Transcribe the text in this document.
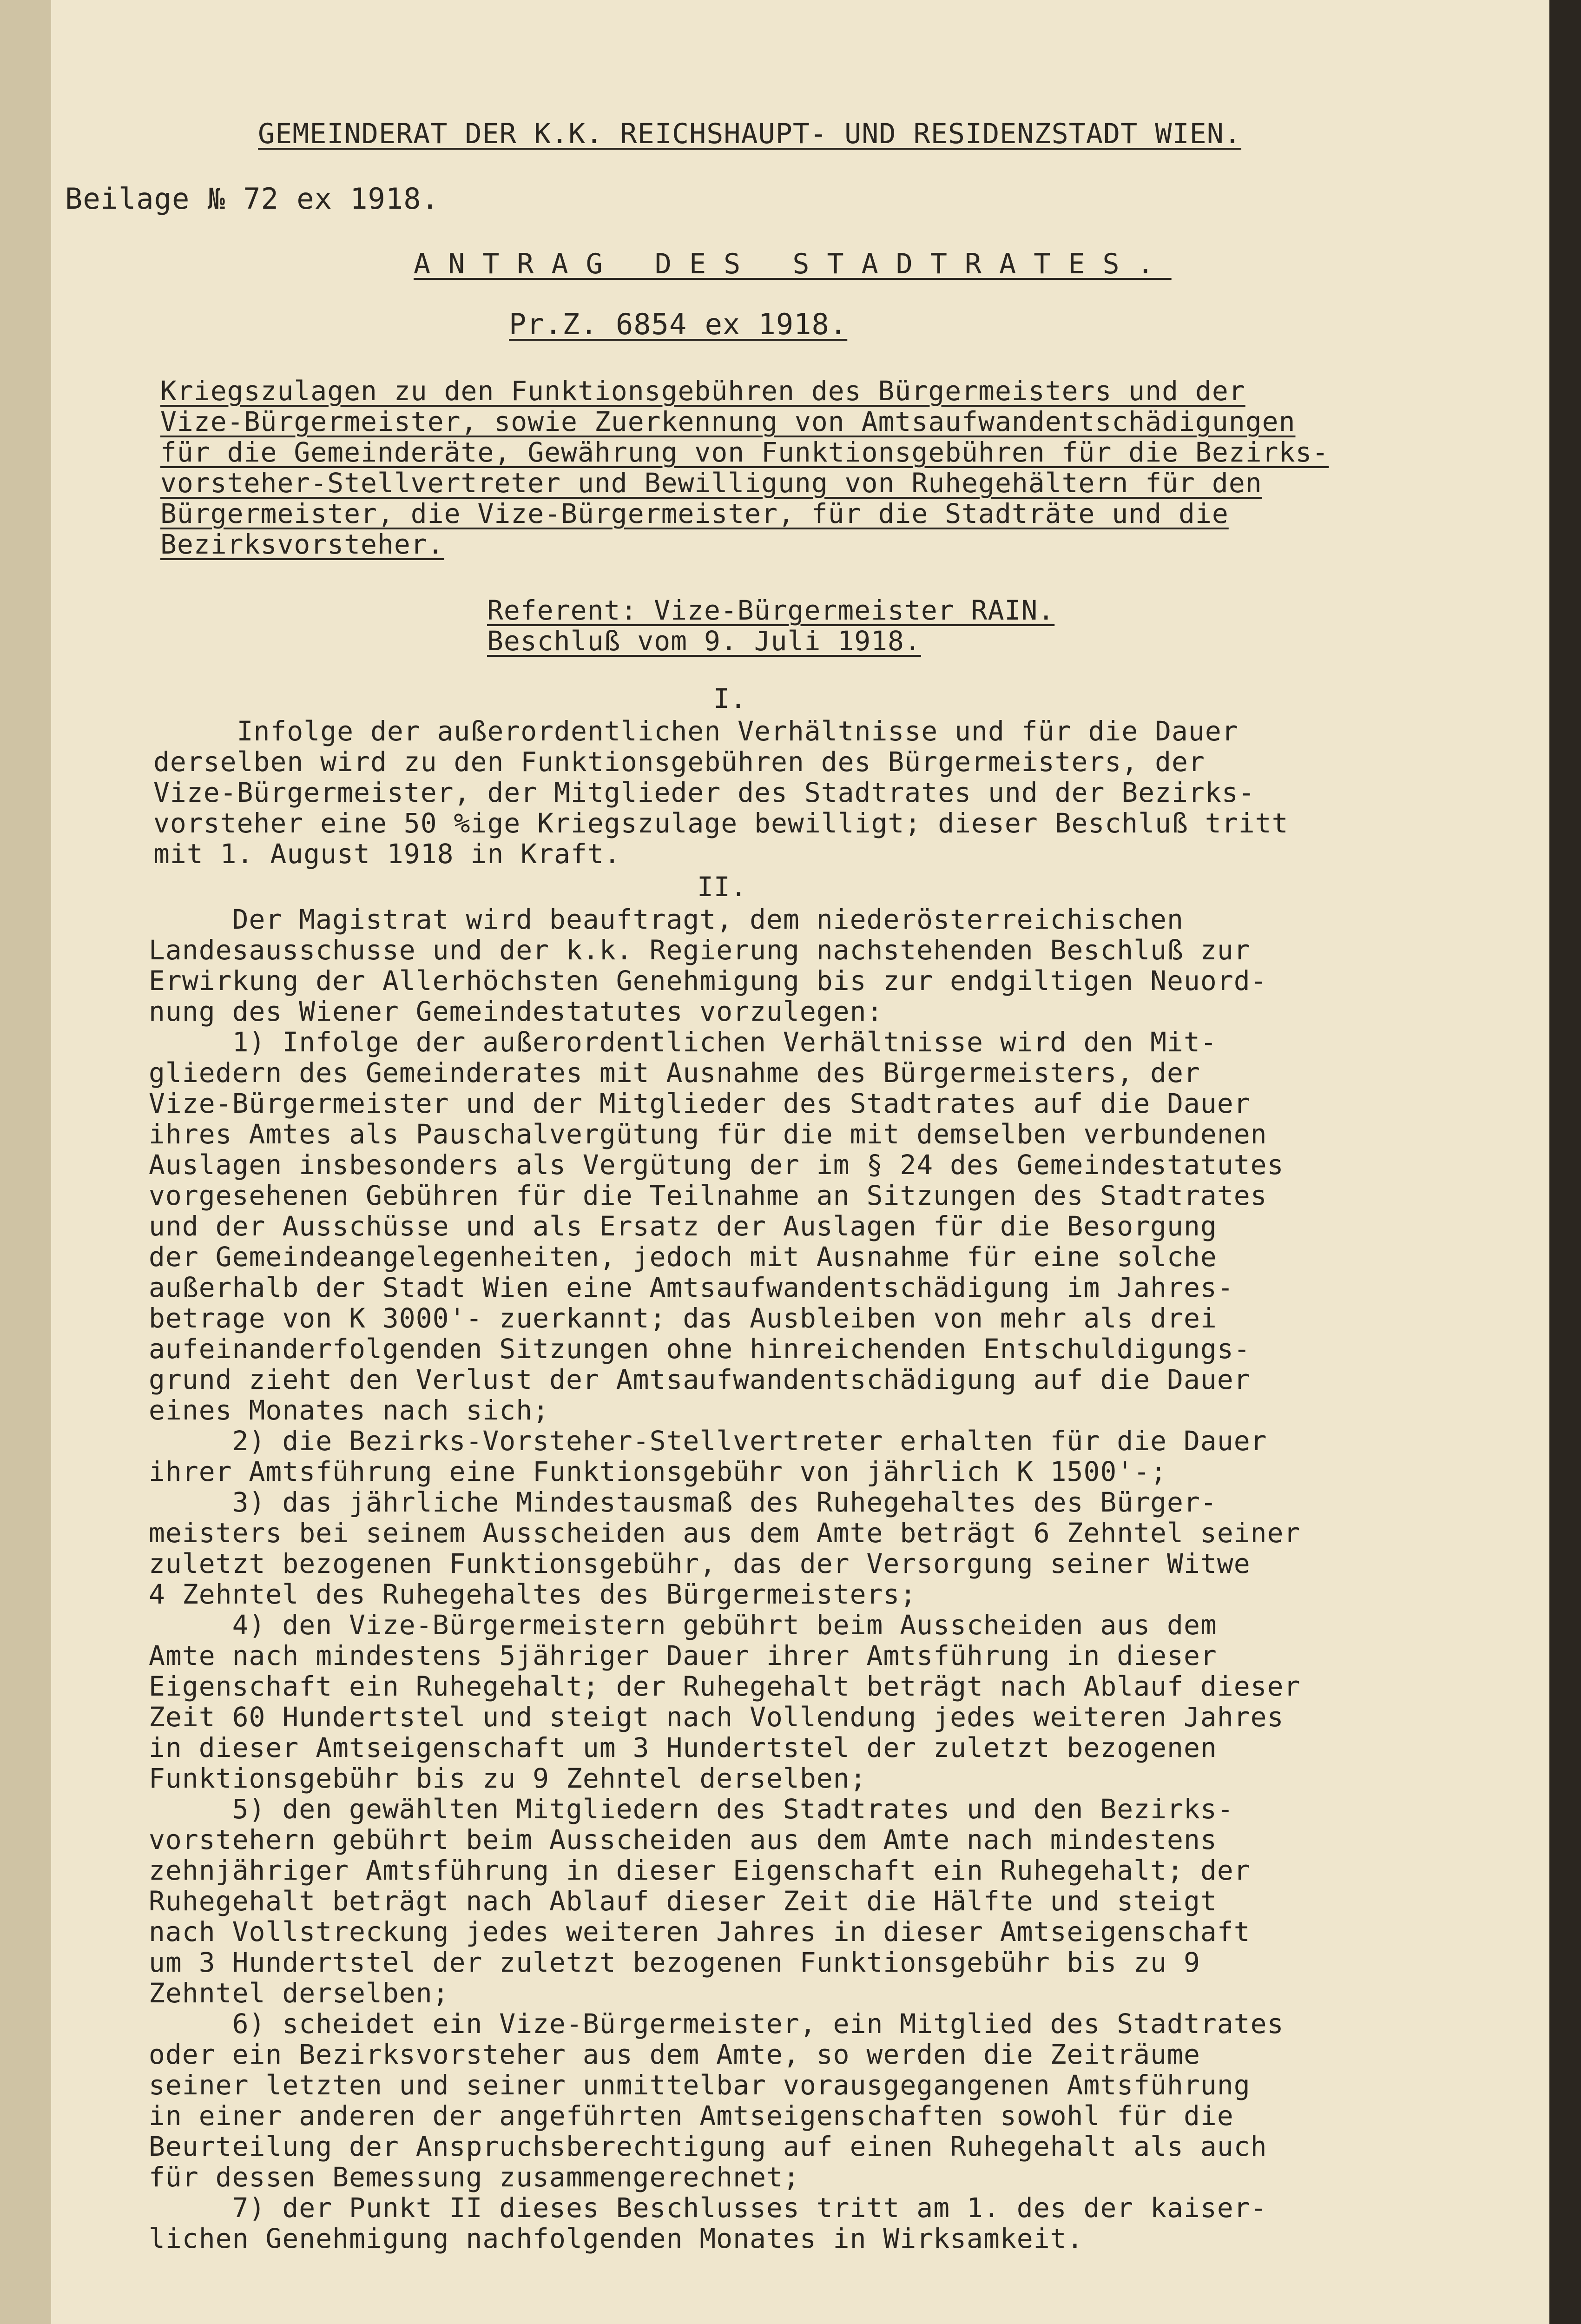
GEMEINDERAT DER K.K. REICHSHAUPT- UND RESIDENZSTADT WIEN.
Beilage № 72 ex 1918.
ANTRAG DES STADTRATES.
Pr.Z. 6854 ex 1918.
Kriegszulagen zu den Funktionsgebühren des Bürgermeisters und der
Vize-Bürgermeister, sowie Zuerkennung von Amtsaufwandentschädigungen
für die Gemeinderäte, Gewährung von Funktionsgebühren für die Bezirks-
vorsteher-Stellvertreter und Bewilligung von Ruhegehältern für den
Bürgermeister, die Vize-Bürgermeister, für die Stadträte und die
Bezirksvorsteher.
Referent: Vize-Bürgermeister RAIN.
Beschluß vom 9. Juli 1918.
I.

Infolge der außerordentlichen Verhältnisse und für die Dauer

derselben wird zu den Funktionsgebühren des Bürgermeisters, der

Vize-Bürgermeister, der Mitglieder des Stadtrates und der Bezirks-

vorsteher eine 50 %ige Kriegszulage bewilligt; dieser Beschluß tritt

mit 1. August 1918 in Kraft.

II.

Der Magistrat wird beauftragt, dem niederösterreichischen

Landesausschusse und der k.k. Regierung nachstehenden Beschluß zur

Erwirkung der Allerhöchsten Genehmigung bis zur endgiltigen Neuord-

nung des Wiener Gemeindestatutes vorzulegen:

1) Infolge der außerordentlichen Verhältnisse wird den Mit-

gliedern des Gemeinderates mit Ausnahme des Bürgermeisters, der

Vize-Bürgermeister und der Mitglieder des Stadtrates auf die Dauer

ihres Amtes als Pauschalvergütung für die mit demselben verbundenen

Auslagen insbesonders als Vergütung der im § 24 des Gemeindestatutes

vorgesehenen Gebühren für die Teilnahme an Sitzungen des Stadtrates

und der Ausschüsse und als Ersatz der Auslagen für die Besorgung

der Gemeindeangelegenheiten, jedoch mit Ausnahme für eine solche

außerhalb der Stadt Wien eine Amtsaufwandentschädigung im Jahres-

betrage von K 3000'- zuerkannt; das Ausbleiben von mehr als drei

aufeinanderfolgenden Sitzungen ohne hinreichenden Entschuldigungs-

grund zieht den Verlust der Amtsaufwandentschädigung auf die Dauer

eines Monates nach sich;

2) die Bezirks-Vorsteher-Stellvertreter erhalten für die Dauer

ihrer Amtsführung eine Funktionsgebühr von jährlich K 1500'-;

3) das jährliche Mindestausmaß des Ruhegehaltes des Bürger-

meisters bei seinem Ausscheiden aus dem Amte beträgt 6 Zehntel seiner

zuletzt bezogenen Funktionsgebühr, das der Versorgung seiner Witwe

4 Zehntel des Ruhegehaltes des Bürgermeisters;

4) den Vize-Bürgermeistern gebührt beim Ausscheiden aus dem

Amte nach mindestens 5jähriger Dauer ihrer Amtsführung in dieser

Eigenschaft ein Ruhegehalt; der Ruhegehalt beträgt nach Ablauf dieser

Zeit 60 Hundertstel und steigt nach Vollendung jedes weiteren Jahres

in dieser Amtseigenschaft um 3 Hundertstel der zuletzt bezogenen

Funktionsgebühr bis zu 9 Zehntel derselben;

5) den gewählten Mitgliedern des Stadtrates und den Bezirks-

vorstehern gebührt beim Ausscheiden aus dem Amte nach mindestens

zehnjähriger Amtsführung in dieser Eigenschaft ein Ruhegehalt; der

Ruhegehalt beträgt nach Ablauf dieser Zeit die Hälfte und steigt

nach Vollstreckung jedes weiteren Jahres in dieser Amtseigenschaft

um 3 Hundertstel der zuletzt bezogenen Funktionsgebühr bis zu 9

Zehntel derselben;

6) scheidet ein Vize-Bürgermeister, ein Mitglied des Stadtrates

oder ein Bezirksvorsteher aus dem Amte, so werden die Zeiträume

seiner letzten und seiner unmittelbar vorausgegangenen Amtsführung

in einer anderen der angeführten Amtseigenschaften sowohl für die

Beurteilung der Anspruchsberechtigung auf einen Ruhegehalt als auch

für dessen Bemessung zusammengerechnet;

7) der Punkt II dieses Beschlusses tritt am 1. des der kaiser-

lichen Genehmigung nachfolgenden Monates in Wirksamkeit.
